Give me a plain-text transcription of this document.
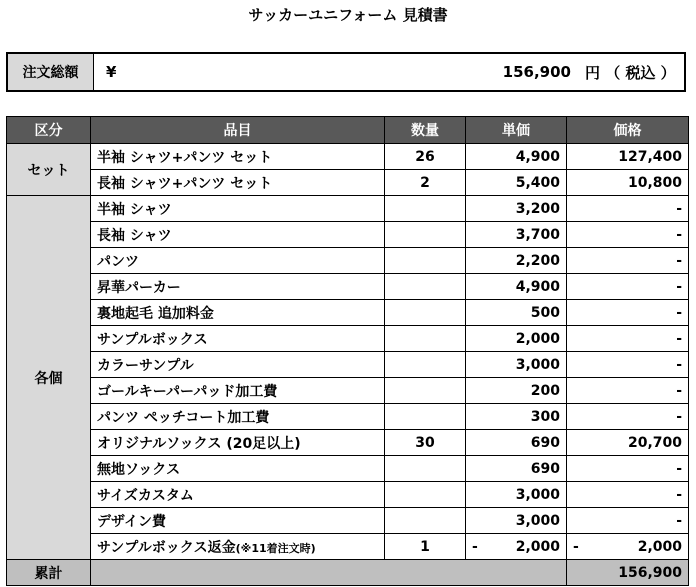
サッカーユニフォーム 見積書
注文総額	¥	156,900 円 （ 税込 ）
区分	品目	数量	単価	価格
セット	半袖 シャツ+パンツ セット	26	4,900	127,400
	長袖 シャツ+パンツ セット	2	5,400	10,800
各個	半袖 シャツ		3,200	-
	長袖 シャツ		3,700	-
	パンツ		2,200	-
	昇華パーカー		4,900	-
	裏地起毛 追加料金		500	-
	サンプルボックス		2,000	-
	カラーサンプル		3,000	-
	ゴールキーパーパッド加工費		200	-
	パンツ ペッチコート加工費		300	-
	オリジナルソックス (20足以上)	30	690	20,700
	無地ソックス		690	-
	サイズカスタム		3,000	-
	デザイン費		3,000	-
	サンプルボックス返金(※11着注文時)	1	- 2,000	- 2,000

累計				156,900
